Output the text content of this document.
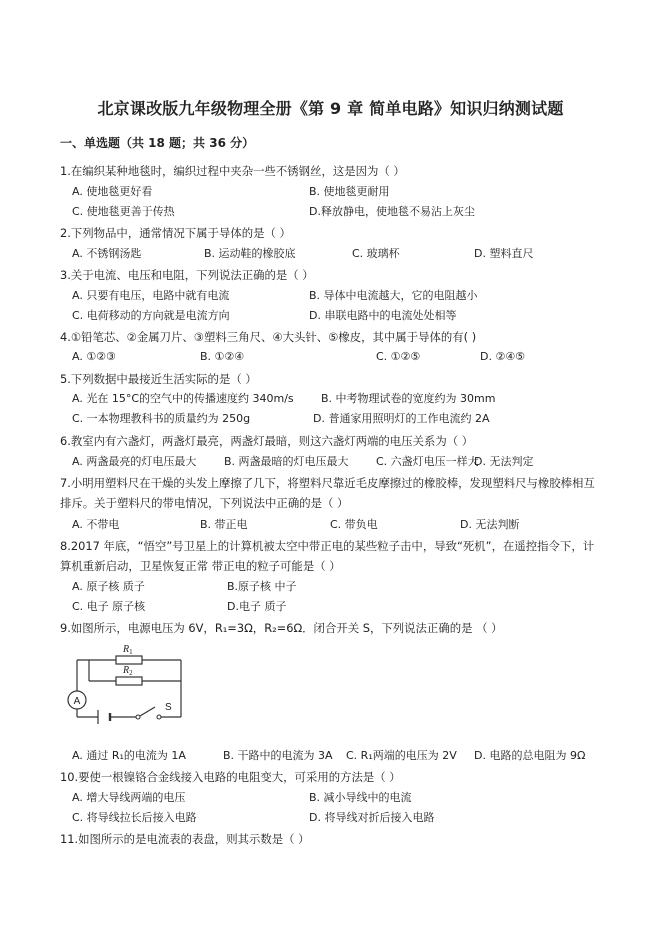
北京课改版九年级物理全册《第 9 章 简单电路》知识归纳测试题
一、单选题（共 18 题；共 36 分）
1.在编织某种地毯时，编织过程中夹杂一些不锈钢丝，这是因为（ ）
A. 使地毯更好看	B. 使地毯更耐用
C. 使地毯更善于传热	D.释放静电，使地毯不易沾上灰尘
2.下列物品中，通常情况下属于导体的是（ ）
A. 不锈钢汤匙	B. 运动鞋的橡胶底	C. 玻璃杯	D. 塑料直尺
3.关于电流、电压和电阻，下列说法正确的是（ ）
A. 只要有电压，电路中就有电流	B. 导体中电流越大，它的电阻越小
C. 电荷移动的方向就是电流方向	D. 串联电路中的电流处处相等
4.①铅笔芯、②金属刀片、③塑料三角尺、④大头针、⑤橡皮，其中属于导体的有( )
A. ①②③	B. ①②④	C. ①②⑤	D. ②④⑤
5.下列数据中最接近生活实际的是（ ）
A. 光在 15°C的空气中的传播速度约 340m/s B. 中考物理试卷的宽度约为 30mm
C. 一本物理教科书的质量约为 250g	D. 普通家用照明灯的工作电流约 2A
6.教室内有六盏灯，两盏灯最亮，两盏灯最暗，则这六盏灯两端的电压关系为（ ）
A. 两盏最亮的灯电压最大	B. 两盏最暗的灯电压最大 C. 六盏灯电压一样大
D. 无法判定
7.小明用塑料尺在干燥的头发上摩擦了几下，将塑料尺靠近毛皮摩擦过的橡胶棒，发现塑料尺与橡胶棒相互排斥。关于塑料尺的带电情况，下列说法中正确的是（ ）
A. 不带电	B. 带正电	C. 带负电	D. 无法判断
8.2017 年底，“悟空”号卫星上的计算机被太空中带正电的某些粒子击中，导致“死机”，在遥控指令下，计算机重新启动，卫星恢复正常 带正电的粒子可能是（ ）
A. 原子核 质子	B.原子核 中子
C. 电子 原子核	D.电子 质子
9.如图所示，电源电压为 6V，R₁=3Ω，R₂=6Ω．闭合开关 S，下列说法正确的是 （ ）
A
S
$R_1$
$R_2$
A. 通过 R₁的电流为 1A	B. 干路中的电流为 3A C. R₁两端的电压为 2V D. 电路的总电阻为 9Ω
10.要使一根镍铬合金线接入电路的电阻变大，可采用的方法是（ ）
A. 增大导线两端的电压	B. 减小导线中的电流
C. 将导线拉长后接入电路	D. 将导线对折后接入电路
11.如图所示的是电流表的表盘，则其示数是（ ）
